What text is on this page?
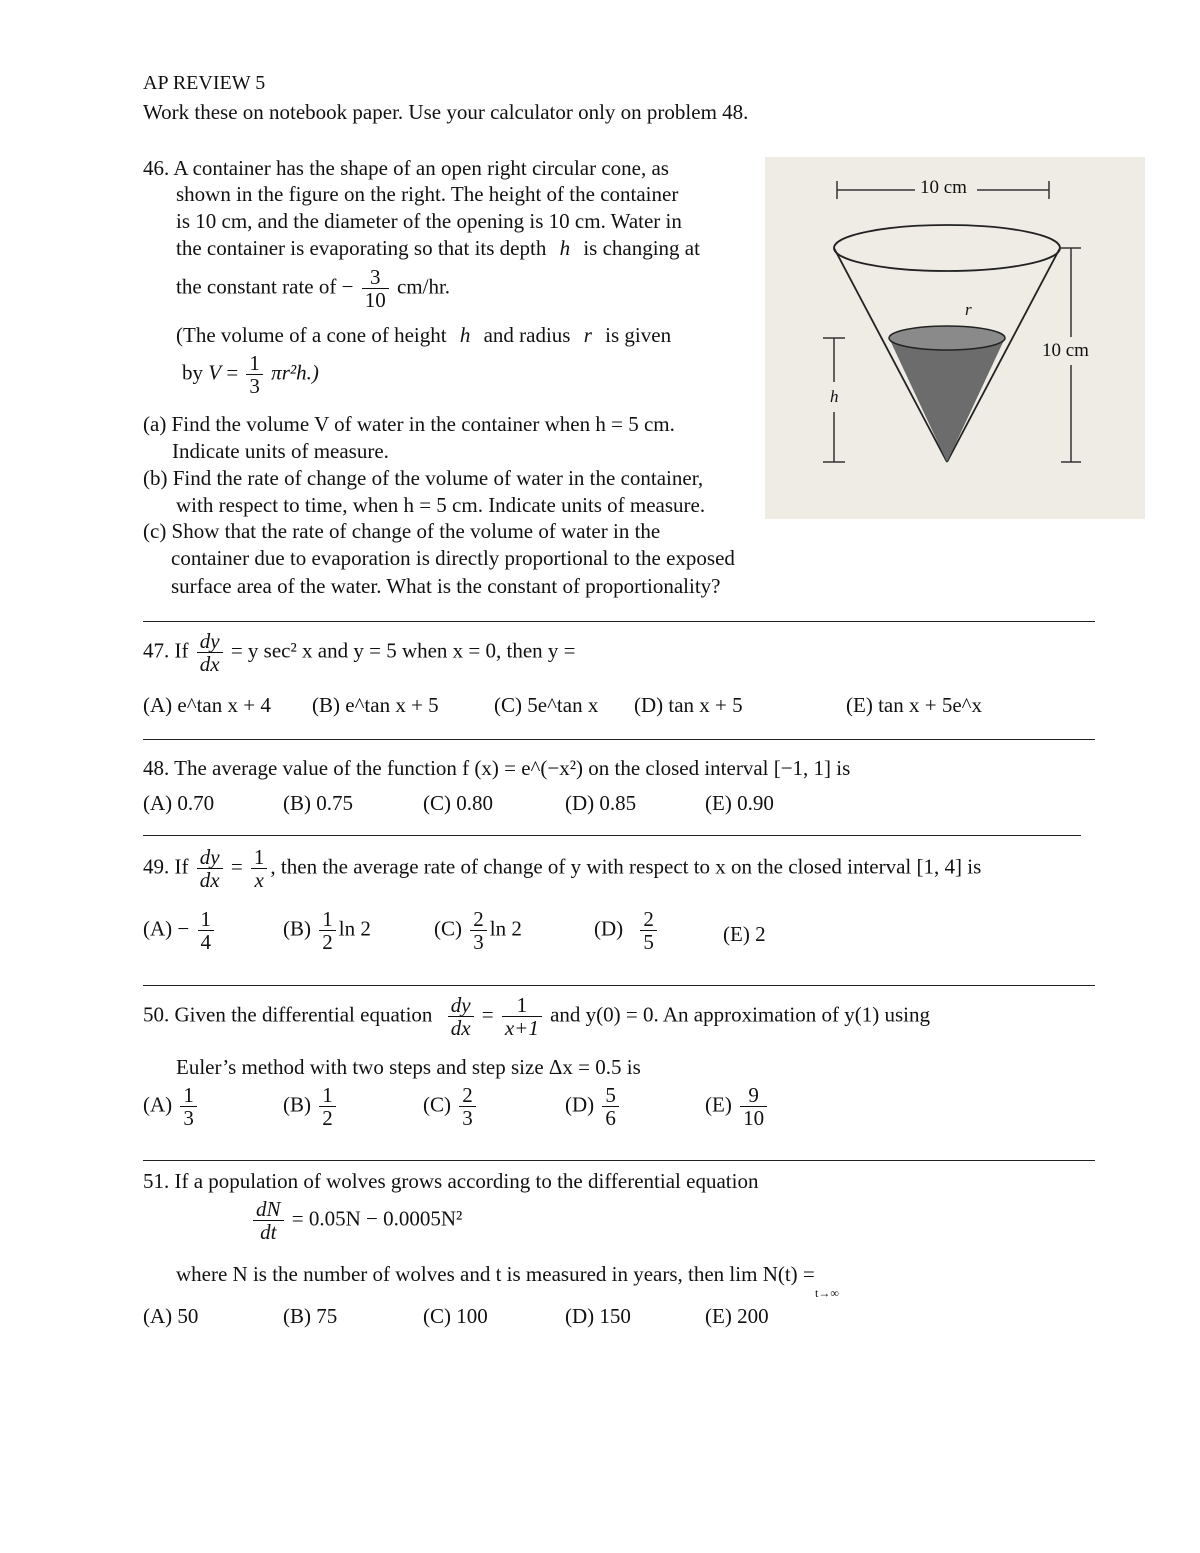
AP REVIEW 5
Work these on notebook paper. Use your calculator only on problem 48.
46. A container has the shape of an open right circular cone, as
shown in the figure on the right. The height of the container
is 10 cm, and the diameter of the opening is 10 cm. Water in
the container is evaporating so that its depth h is changing at
the constant rate of − $\frac{3}{10} cm/hr$.
(The volume of a cone of height h and radius r is given
by $V = \frac{1}{3} \pi r^2h$.)
(a) Find the volume V of water in the container when h = 5 cm.
Indicate units of measure.
(b) Find the rate of change of the volume of water in the container,
with respect to time, when h = 5 cm. Indicate units of measure.
(c) Show that the rate of change of the volume of water in the
container due to evaporation is directly proportional to the exposed
surface area of the water. What is the constant of proportionality?
10 cm
10 cm
h
r
47. If $\frac{dy}{dx} = y$ sec² x and y = 5 when x = 0, then y =
(A) e^tan x + 4 (B) e^tan x + 5	(C) 5e^tan x (D) tan x + 5	(E) tan x + 5e^x
48. The average value of the function f (x) = e^(−x²) on the closed interval [−1, 1] is
(A) 0.70	(B) 0.75	(C) 0.80	(D) 0.85	(E) 0.90
49. If $\frac{dy}{dx} = \frac{1}{x}$ , then the average rate of change of y with respect to x on the closed interval [1, 4] is
$(A) - \frac{1}{4}$	$(B) \frac{1}{2}$ ln 2	$(C) \frac{2}{3}$ ln 2	$(D) \frac{2}{5}$	(E) 2
50. Given the differential equation $\frac{dy}{dx} = \frac{1}{x+1}$ and y(0) = 0. An approximation of y(1) using
Euler’s method with two steps and step size Δx = 0.5 is
$(A) \frac{1}{3}$	$(B) \frac{1}{2}$	$(C) \frac{2}{3}$	$(D) \frac{5}{6}$	$(E) \frac{9}{10}$
51. If a population of wolves grows according to the differential equation
$\frac{dN}{dt} = 0.05N - 0.0005N^2$
where N is the number of wolves and t is measured in years, then lim N(t) =
t→∞
(A) 50	(B) 75	(C) 100	(D) 150	(E) 200
